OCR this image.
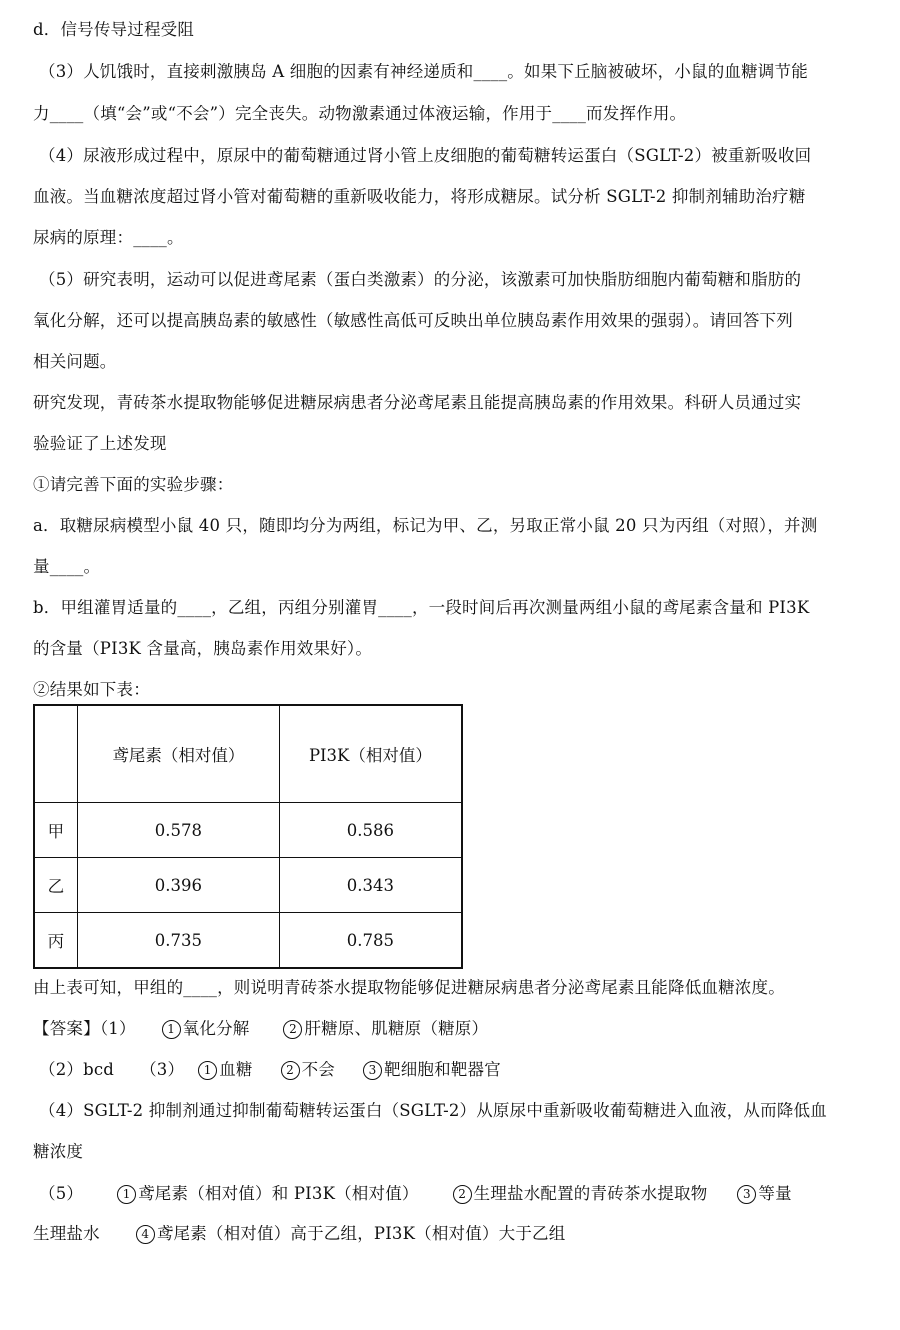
d．信号传导过程受阻
（3）人饥饿时，直接刺激胰岛 A 细胞的因素有神经递质和____。如果下丘脑被破坏，小鼠的血糖调节能
力____（填“会”或“不会”）完全丧失。动物激素通过体液运输，作用于____而发挥作用。
（4）尿液形成过程中，原尿中的葡萄糖通过肾小管上皮细胞的葡萄糖转运蛋白（SGLT-2）被重新吸收回
血液。当血糖浓度超过肾小管对葡萄糖的重新吸收能力，将形成糖尿。试分析 SGLT-2 抑制剂辅助治疗糖
尿病的原理：____。
（5）研究表明，运动可以促进鸢尾素（蛋白类激素）的分泌，该激素可加快脂肪细胞内葡萄糖和脂肪的
氧化分解，还可以提高胰岛素的敏感性（敏感性高低可反映出单位胰岛素作用效果的强弱）。请回答下列
相关问题。
研究发现，青砖茶水提取物能够促进糖尿病患者分泌鸢尾素且能提高胰岛素的作用效果。科研人员通过实
验验证了上述发现
①请完善下面的实验步骤：
a．取糖尿病模型小鼠 40 只，随即均分为两组，标记为甲、乙，另取正常小鼠 20 只为丙组（对照），并测
量____。
b．甲组灌胃适量的____，乙组，丙组分别灌胃____，一段时间后再次测量两组小鼠的鸢尾素含量和 PI3K
的含量（PI3K 含量高，胰岛素作用效果好）。
②结果如下表：
	鸢尾素（相对值）	PI3K（相对值）
甲	0.578	0.586
乙	0.396	0.343
丙	0.735	0.785
由上表可知，甲组的____，则说明青砖茶水提取物能够促进糖尿病患者分泌鸢尾素且能降低血糖浓度。
【答案】（1）	1 氧化分解	2 肝糖原、肌糖原（糖原）
（2）bcd （3） 1 血糖	2 不会	3 靶细胞和靶器官
（4）SGLT-2 抑制剂通过抑制葡萄糖转运蛋白（SGLT-2）从原尿中重新吸收葡萄糖进入血液，从而降低血
糖浓度
（5）	1 鸢尾素（相对值）和 PI3K（相对值）	2 生理盐水配置的青砖茶水提取物	3 等量
生理盐水	4 鸢尾素（相对值）高于乙组，PI3K（相对值）大于乙组
